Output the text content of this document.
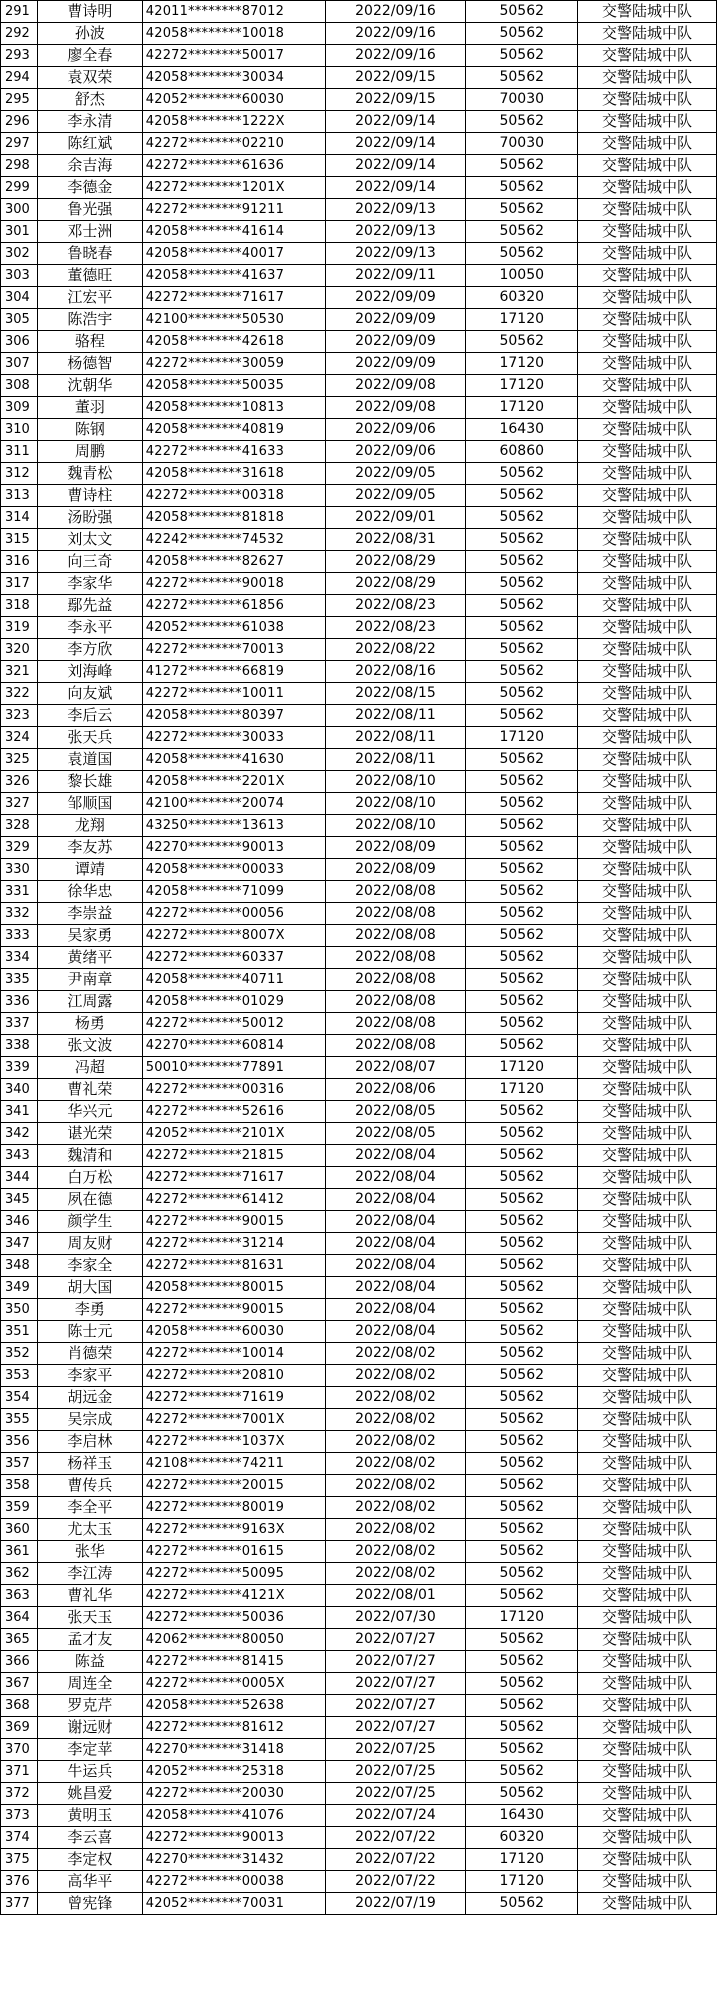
291	曹诗明	42011********87012	2022/09/16	50562	交警陆城中队
292	孙波	42058********10018	2022/09/16	50562	交警陆城中队
293	廖全春	42272********50017	2022/09/16	50562	交警陆城中队
294	袁双荣	42058********30034	2022/09/15	50562	交警陆城中队
295	舒杰	42052********60030	2022/09/15	70030	交警陆城中队
296	李永清	42058********1222X	2022/09/14	50562	交警陆城中队
297	陈红斌	42272********02210	2022/09/14	70030	交警陆城中队
298	余吉海	42272********61636	2022/09/14	50562	交警陆城中队
299	李德金	42272********1201X	2022/09/14	50562	交警陆城中队
300	鲁光强	42272********91211	2022/09/13	50562	交警陆城中队
301	邓士洲	42058********41614	2022/09/13	50562	交警陆城中队
302	鲁晓春	42058********40017	2022/09/13	50562	交警陆城中队
303	董德旺	42058********41637	2022/09/11	10050	交警陆城中队
304	江宏平	42272********71617	2022/09/09	60320	交警陆城中队
305	陈浩宇	42100********50530	2022/09/09	17120	交警陆城中队
306	骆程	42058********42618	2022/09/09	50562	交警陆城中队
307	杨德智	42272********30059	2022/09/09	17120	交警陆城中队
308	沈朝华	42058********50035	2022/09/08	17120	交警陆城中队
309	董羽	42058********10813	2022/09/08	17120	交警陆城中队
310	陈钢	42058********40819	2022/09/06	16430	交警陆城中队
311	周鹏	42272********41633	2022/09/06	60860	交警陆城中队
312	魏青松	42058********31618	2022/09/05	50562	交警陆城中队
313	曹诗柱	42272********00318	2022/09/05	50562	交警陆城中队
314	汤盼强	42058********81818	2022/09/01	50562	交警陆城中队
315	刘太文	42242********74532	2022/08/31	50562	交警陆城中队
316	向三奇	42058********82627	2022/08/29	50562	交警陆城中队
317	李家华	42272********90018	2022/08/29	50562	交警陆城中队
318	鄢先益	42272********61856	2022/08/23	50562	交警陆城中队
319	李永平	42052********61038	2022/08/23	50562	交警陆城中队
320	李方欣	42272********70013	2022/08/22	50562	交警陆城中队
321	刘海峰	41272********66819	2022/08/16	50562	交警陆城中队
322	向友斌	42272********10011	2022/08/15	50562	交警陆城中队
323	李后云	42058********80397	2022/08/11	50562	交警陆城中队
324	张天兵	42272********30033	2022/08/11	17120	交警陆城中队
325	袁道国	42058********41630	2022/08/11	50562	交警陆城中队
326	黎长雄	42058********2201X	2022/08/10	50562	交警陆城中队
327	邹顺国	42100********20074	2022/08/10	50562	交警陆城中队
328	龙翔	43250********13613	2022/08/10	50562	交警陆城中队
329	李友苏	42270********90013	2022/08/09	50562	交警陆城中队
330	谭靖	42058********00033	2022/08/09	50562	交警陆城中队
331	徐华忠	42058********71099	2022/08/08	50562	交警陆城中队
332	李崇益	42272********00056	2022/08/08	50562	交警陆城中队
333	吴家勇	42272********8007X	2022/08/08	50562	交警陆城中队
334	黄绪平	42272********60337	2022/08/08	50562	交警陆城中队
335	尹南章	42058********40711	2022/08/08	50562	交警陆城中队
336	江周露	42058********01029	2022/08/08	50562	交警陆城中队
337	杨勇	42272********50012	2022/08/08	50562	交警陆城中队
338	张文波	42270********60814	2022/08/08	50562	交警陆城中队
339	冯超	50010********77891	2022/08/07	17120	交警陆城中队
340	曹礼荣	42272********00316	2022/08/06	17120	交警陆城中队
341	华兴元	42272********52616	2022/08/05	50562	交警陆城中队
342	谌光荣	42052********2101X	2022/08/05	50562	交警陆城中队
343	魏清和	42272********21815	2022/08/04	50562	交警陆城中队
344	白万松	42272********71617	2022/08/04	50562	交警陆城中队
345	夙在德	42272********61412	2022/08/04	50562	交警陆城中队
346	颜学生	42272********90015	2022/08/04	50562	交警陆城中队
347	周友财	42272********31214	2022/08/04	50562	交警陆城中队
348	李家全	42272********81631	2022/08/04	50562	交警陆城中队
349	胡大国	42058********80015	2022/08/04	50562	交警陆城中队
350	李勇	42272********90015	2022/08/04	50562	交警陆城中队
351	陈士元	42058********60030	2022/08/04	50562	交警陆城中队
352	肖德荣	42272********10014	2022/08/02	50562	交警陆城中队
353	李家平	42272********20810	2022/08/02	50562	交警陆城中队
354	胡远金	42272********71619	2022/08/02	50562	交警陆城中队
355	吴宗成	42272********7001X	2022/08/02	50562	交警陆城中队
356	李启林	42272********1037X	2022/08/02	50562	交警陆城中队
357	杨祥玉	42108********74211	2022/08/02	50562	交警陆城中队
358	曹传兵	42272********20015	2022/08/02	50562	交警陆城中队
359	李全平	42272********80019	2022/08/02	50562	交警陆城中队
360	尤太玉	42272********9163X	2022/08/02	50562	交警陆城中队
361	张华	42272********01615	2022/08/02	50562	交警陆城中队
362	李江涛	42272********50095	2022/08/02	50562	交警陆城中队
363	曹礼华	42272********4121X	2022/08/01	50562	交警陆城中队
364	张天玉	42272********50036	2022/07/30	17120	交警陆城中队
365	孟才友	42062********80050	2022/07/27	50562	交警陆城中队
366	陈益	42272********81415	2022/07/27	50562	交警陆城中队
367	周连全	42272********0005X	2022/07/27	50562	交警陆城中队
368	罗克芹	42058********52638	2022/07/27	50562	交警陆城中队
369	谢远财	42272********81612	2022/07/27	50562	交警陆城中队
370	李定苹	42270********31418	2022/07/25	50562	交警陆城中队
371	牛运兵	42052********25318	2022/07/25	50562	交警陆城中队
372	姚昌爱	42272********20030	2022/07/25	50562	交警陆城中队
373	黄明玉	42058********41076	2022/07/24	16430	交警陆城中队
374	李云喜	42272********90013	2022/07/22	60320	交警陆城中队
375	李定权	42270********31432	2022/07/22	17120	交警陆城中队
376	高华平	42272********00038	2022/07/22	17120	交警陆城中队
377	曾宪锋	42052********70031	2022/07/19	50562	交警陆城中队
